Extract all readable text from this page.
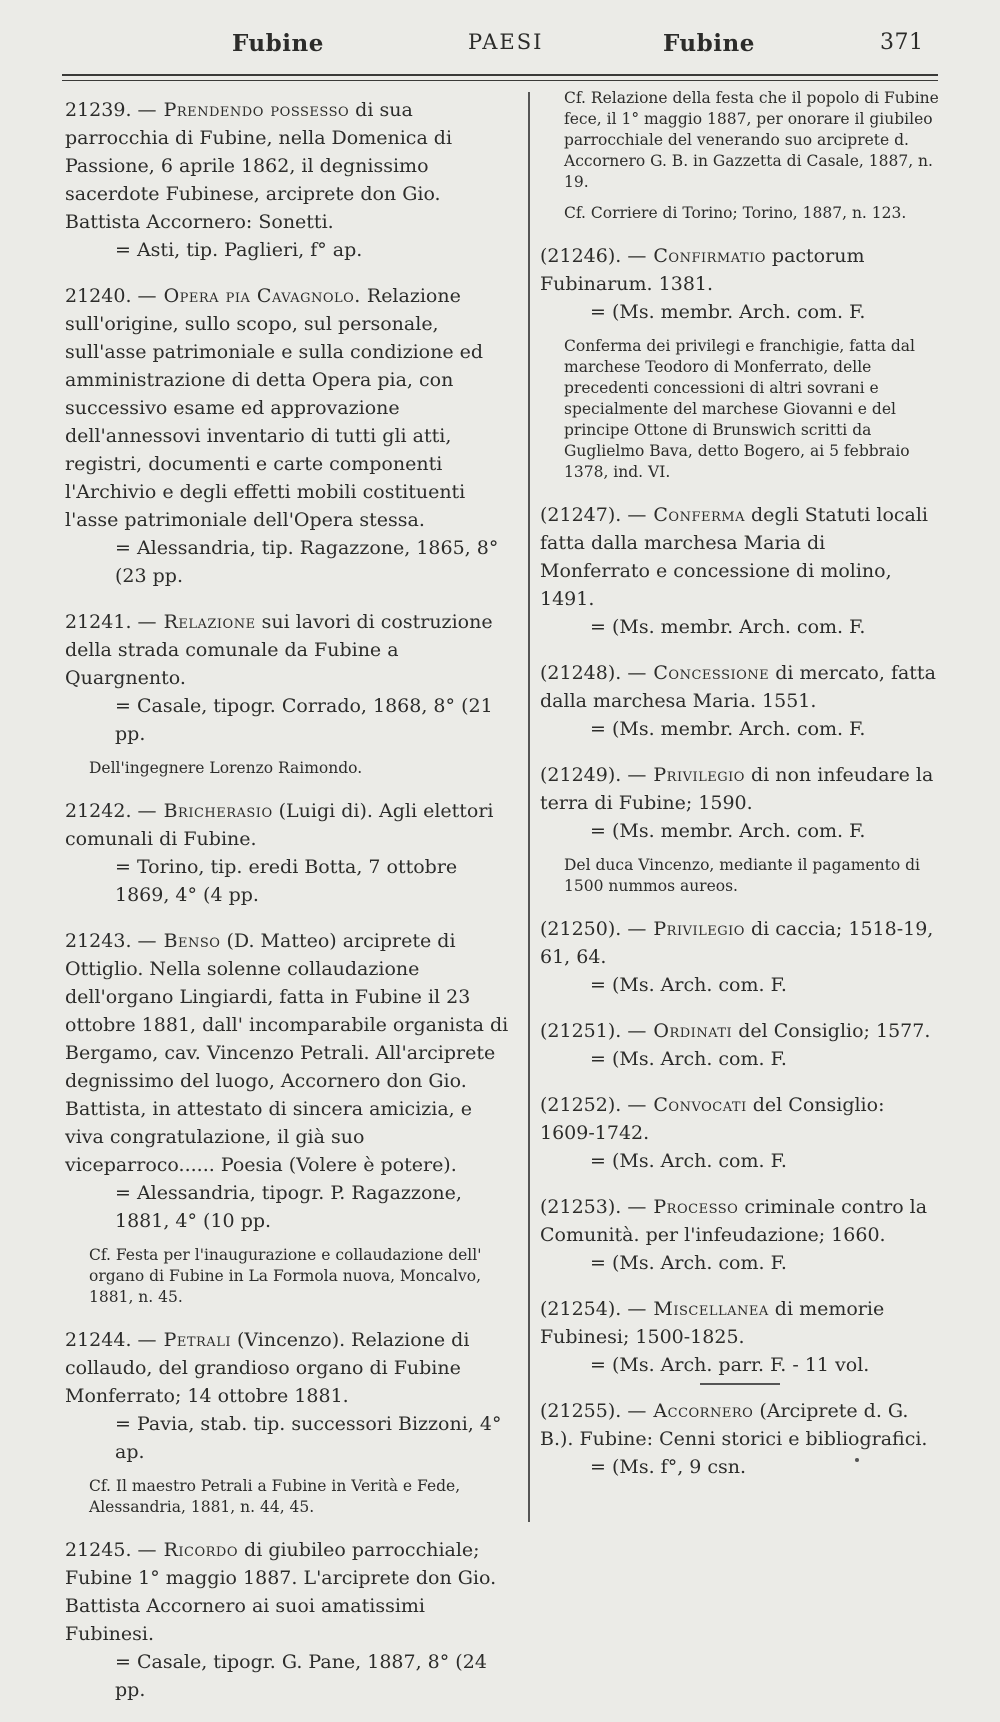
Fubine	PAESI	Fubine	371
21239. — Prendendo possesso di sua parrocchia di Fubine, nella Domenica di Passione, 6 aprile 1862, il degnissimo sacerdote Fubinese, arciprete don Gio. Battista Accornero: Sonetti.
= Asti, tip. Paglieri, f° ap.
21240. — Opera pia Cavagnolo. Relazione sull'origine, sullo scopo, sul personale, sull'asse patrimoniale e sulla condizione ed amministrazione di detta Opera pia, con successivo esame ed approvazione dell'annessovi inventario di tutti gli atti, registri, documenti e carte componenti l'Archivio e degli effetti mobili costituenti l'asse patrimoniale dell'Opera stessa.
= Alessandria, tip. Ragazzone, 1865, 8° (23 pp.
21241. — Relazione sui lavori di costruzione della strada comunale da Fubine a Quargnento.
= Casale, tipogr. Corrado, 1868, 8° (21 pp.
Dell'ingegnere Lorenzo Raimondo.
21242. — Bricherasio (Luigi di). Agli elettori comunali di Fubine.
= Torino, tip. eredi Botta, 7 ottobre 1869, 4° (4 pp.
21243. — Benso (D. Matteo) arciprete di Ottiglio. Nella solenne collaudazione dell'organo Lingiardi, fatta in Fubine il 23 ottobre 1881, dall' incomparabile organista di Bergamo, cav. Vincenzo Petrali. All'arciprete degnissimo del luogo, Accornero don Gio. Battista, in attestato di sincera amicizia, e viva congratulazione, il già suo viceparroco...... Poesia (Volere è potere).
= Alessandria, tipogr. P. Ragazzone, 1881, 4° (10 pp.
Cf. Festa per l'inaugurazione e collaudazione dell' organo di Fubine in La Formola nuova, Moncalvo, 1881, n. 45.
21244. — Petrali (Vincenzo). Relazione di collaudo, del grandioso organo di Fubine Monferrato; 14 ottobre 1881.
= Pavia, stab. tip. successori Bizzoni, 4° ap.
Cf. Il maestro Petrali a Fubine in Verità e Fede, Alessandria, 1881, n. 44, 45.
21245. — Ricordo di giubileo parrocchiale; Fubine 1° maggio 1887. L'arciprete don Gio. Battista Accornero ai suoi amatissimi Fubinesi.
= Casale, tipogr. G. Pane, 1887, 8° (24 pp.
Cf. Relazione della festa che il popolo di Fubine fece, il 1° maggio 1887, per onorare il giubileo parrocchiale del venerando suo arciprete d. Accornero G. B. in Gazzetta di Casale, 1887, n. 19.
Cf. Corriere di Torino; Torino, 1887, n. 123.
(21246). — Confirmatio pactorum Fubinarum. 1381.
= (Ms. membr. Arch. com. F.
Conferma dei privilegi e franchigie, fatta dal marchese Teodoro di Monferrato, delle precedenti concessioni di altri sovrani e specialmente del marchese Giovanni e del principe Ottone di Brunswich scritti da Guglielmo Bava, detto Bogero, ai 5 febbraio 1378, ind. VI.
(21247). — Conferma degli Statuti locali fatta dalla marchesa Maria di Monferrato e concessione di molino, 1491.
= (Ms. membr. Arch. com. F.
(21248). — Concessione di mercato, fatta dalla marchesa Maria. 1551.
= (Ms. membr. Arch. com. F.
(21249). — Privilegio di non infeudare la terra di Fubine; 1590.
= (Ms. membr. Arch. com. F.
Del duca Vincenzo, mediante il pagamento di 1500 nummos aureos.
(21250). — Privilegio di caccia; 1518-19, 61, 64.
= (Ms. Arch. com. F.
(21251). — Ordinati del Consiglio; 1577.
= (Ms. Arch. com. F.
(21252). — Convocati del Consiglio: 1609-1742.
= (Ms. Arch. com. F.
(21253). — Processo criminale contro la Comunità. per l'infeudazione; 1660.
= (Ms. Arch. com. F.
(21254). — Miscellanea di memorie Fubinesi; 1500-1825.
= (Ms. Arch. parr. F. - 11 vol.
(21255). — Accornero (Arciprete d. G. B.). Fubine: Cenni storici e bibliografici.
= (Ms. f°, 9 csn.
